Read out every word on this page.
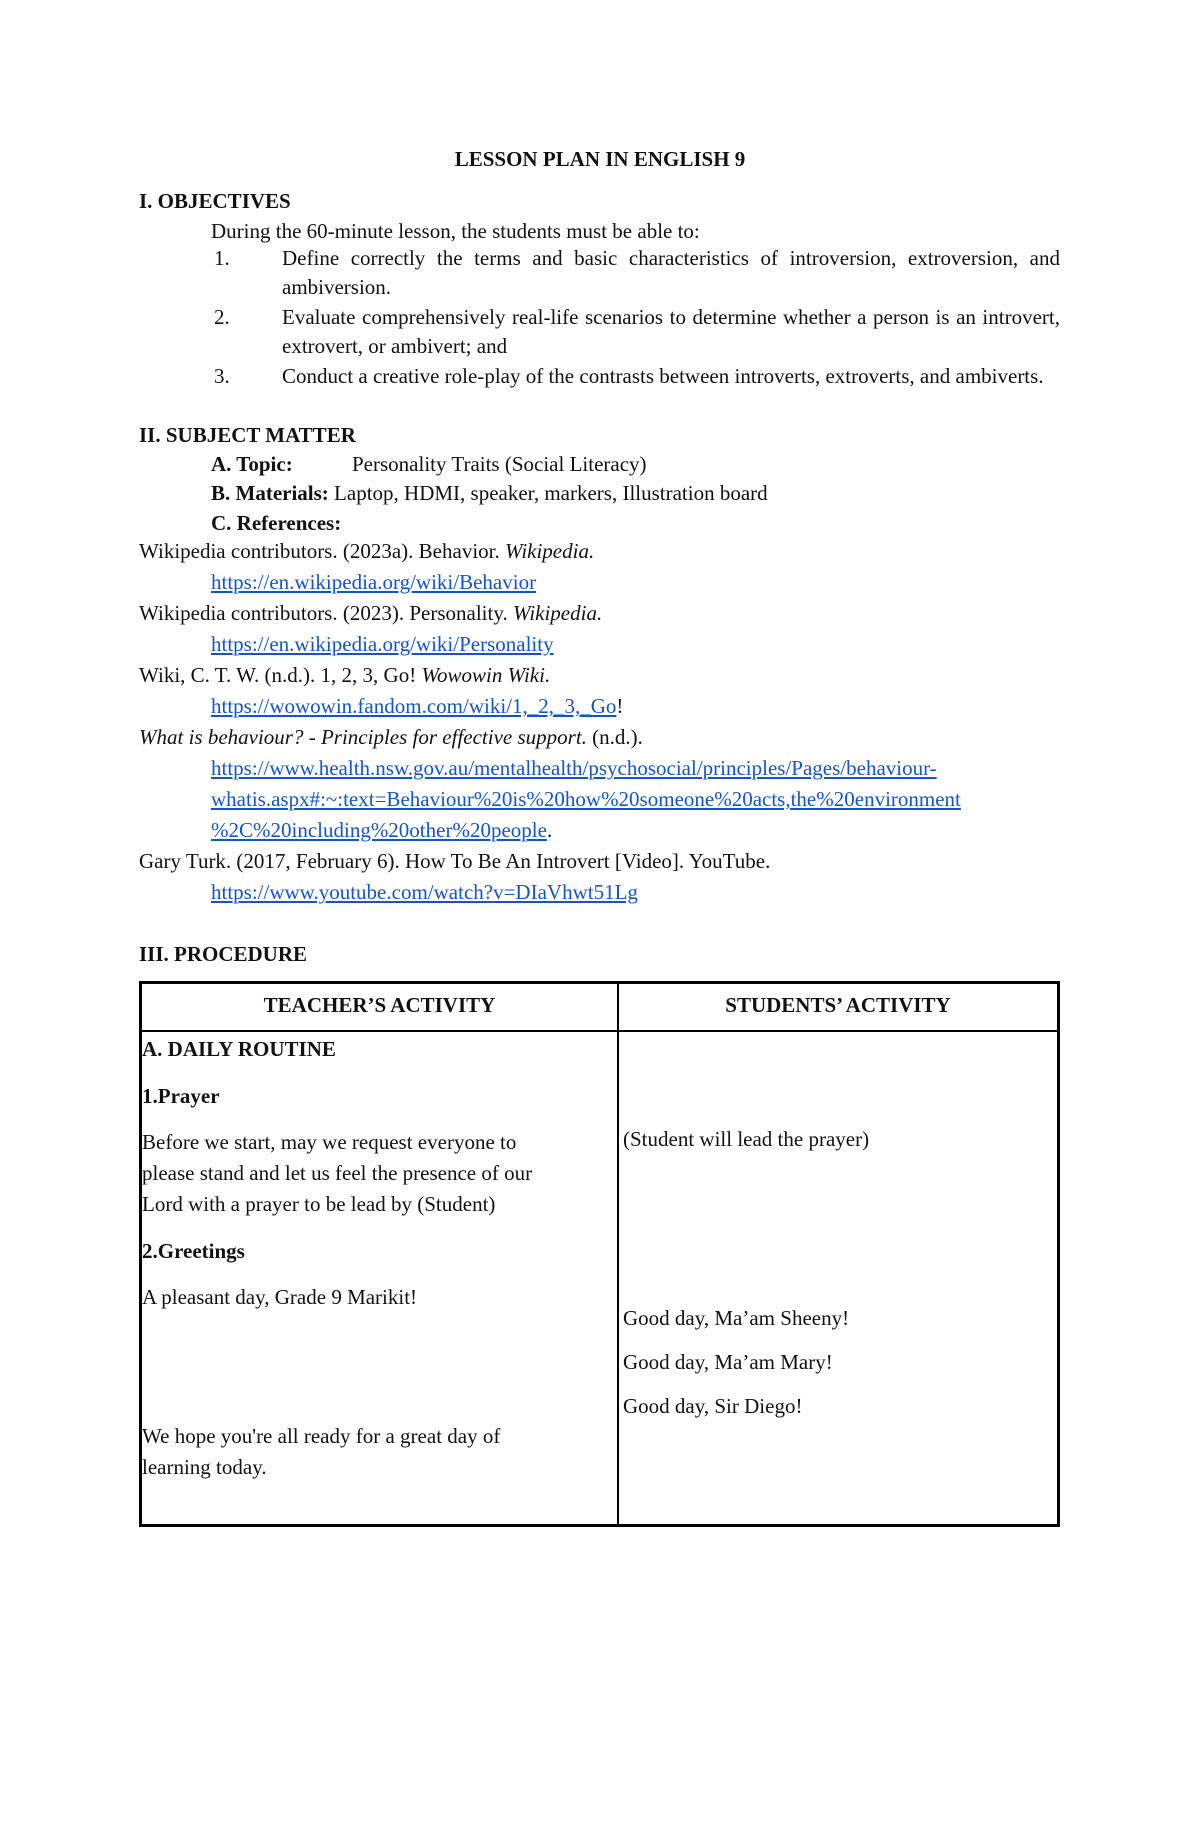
LESSON PLAN IN ENGLISH 9
I. OBJECTIVES
During the 60-minute lesson, the students must be able to:
1. Define correctly the terms and basic characteristics of introversion, extroversion, and ambiversion.
2. Evaluate comprehensively real-life scenarios to determine whether a person is an introvert, extrovert, or ambivert; and
3. Conduct a creative role-play of the contrasts between introverts, extroverts, and ambiverts.
II. SUBJECT MATTER
A. Topic:	Personality Traits (Social Literacy)
B. Materials: Laptop, HDMI, speaker, markers, Illustration board
C. References:
Wikipedia contributors. (2023a). Behavior. Wikipedia.
https://en.wikipedia.org/wiki/Behavior
Wikipedia contributors. (2023). Personality. Wikipedia.
https://en.wikipedia.org/wiki/Personality
Wiki, C. T. W. (n.d.). 1, 2, 3, Go! Wowowin Wiki.
https://wowowin.fandom.com/wiki/1,_2,_3,_Go!
What is behaviour? - Principles for effective support. (n.d.).
https://www.health.nsw.gov.au/mentalhealth/psychosocial/principles/Pages/behaviour-
whatis.aspx#:~:text=Behaviour%20is%20how%20someone%20acts,the%20environment
%2C%20including%20other%20people.
Gary Turk. (2017, February 6). How To Be An Introvert [Video]. YouTube.
https://www.youtube.com/watch?v=DIaVhwt51Lg
III. PROCEDURE
TEACHER’S ACTIVITY	STUDENTS’ ACTIVITY
A. DAILY ROUTINE
1.Prayer
Before we start, may we request everyone to
please stand and let us feel the presence of our
Lord with a prayer to be lead by (Student)
(Student will lead the prayer)
2.Greetings
A pleasant day, Grade 9 Marikit!
Good day, Ma’am Sheeny!
Good day, Ma’am Mary!
Good day, Sir Diego!
We hope you're all ready for a great day of
learning today.
